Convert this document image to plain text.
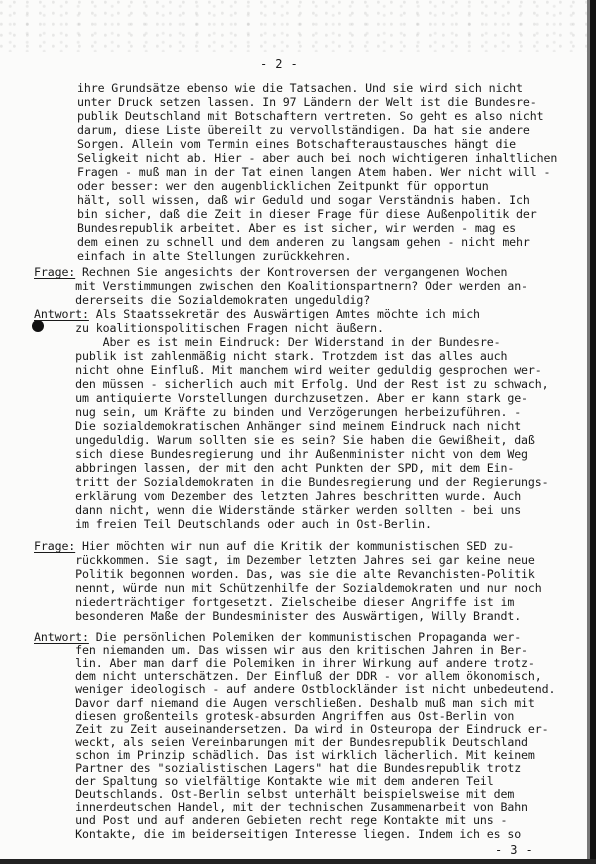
- 2 -
ihre Grundsätze ebenso wie die Tatsachen. Und sie wird sich nicht
unter Druck setzen lassen. In 97 Ländern der Welt ist die Bundesre-
publik Deutschland mit Botschaftern vertreten. So geht es also nicht
darum, diese Liste übereilt zu vervollständigen. Da hat sie andere
Sorgen. Allein vom Termin eines Botschafteraustausches hängt die
Seligkeit nicht ab. Hier - aber auch bei noch wichtigeren inhaltlichen
Fragen - muß man in der Tat einen langen Atem haben. Wer nicht will -
oder besser: wer den augenblicklichen Zeitpunkt für opportun
hält, soll wissen, daß wir Geduld und sogar Verständnis haben. Ich
bin sicher, daß die Zeit in dieser Frage für diese Außenpolitik der
Bundesrepublik arbeitet. Aber es ist sicher, wir werden - mag es
dem einen zu schnell und dem anderen zu langsam gehen - nicht mehr
einfach in alte Stellungen zurückkehren.
Frage: Rechnen Sie angesichts der Kontroversen der vergangenen Wochen
mit Verstimmungen zwischen den Koalitionspartnern? Oder werden an-
dererseits die Sozialdemokraten ungeduldig?
Antwort: Als Staatssekretär des Auswärtigen Amtes möchte ich mich
zu koalitionspolitischen Fragen nicht äußern.
Aber es ist mein Eindruck: Der Widerstand in der Bundesre-
publik ist zahlenmäßig nicht stark. Trotzdem ist das alles auch
nicht ohne Einfluß. Mit manchem wird weiter geduldig gesprochen wer-
den müssen - sicherlich auch mit Erfolg. Und der Rest ist zu schwach,
um antiquierte Vorstellungen durchzusetzen. Aber er kann stark ge-
nug sein, um Kräfte zu binden und Verzögerungen herbeizuführen. -
Die sozialdemokratischen Anhänger sind meinem Eindruck nach nicht
ungeduldig. Warum sollten sie es sein? Sie haben die Gewißheit, daß
sich diese Bundesregierung und ihr Außenminister nicht von dem Weg
abbringen lassen, der mit den acht Punkten der SPD, mit dem Ein-
tritt der Sozialdemokraten in die Bundesregierung und der Regierungs-
erklärung vom Dezember des letzten Jahres beschritten wurde. Auch
dann nicht, wenn die Widerstände stärker werden sollten - bei uns
im freien Teil Deutschlands oder auch in Ost-Berlin.
Frage: Hier möchten wir nun auf die Kritik der kommunistischen SED zu-
rückkommen. Sie sagt, im Dezember letzten Jahres sei gar keine neue
Politik begonnen worden. Das, was sie die alte Revanchisten-Politik
nennt, würde nun mit Schützenhilfe der Sozialdemokraten und nur noch
niederträchtiger fortgesetzt. Zielscheibe dieser Angriffe ist im
besonderen Maße der Bundesminister des Auswärtigen, Willy Brandt.
Antwort: Die persönlichen Polemiken der kommunistischen Propaganda wer-
fen niemanden um. Das wissen wir aus den kritischen Jahren in Ber-
lin. Aber man darf die Polemiken in ihrer Wirkung auf andere trotz-
dem nicht unterschätzen. Der Einfluß der DDR - vor allem ökonomisch,
weniger ideologisch - auf andere Ostblockländer ist nicht unbedeutend.
Davor darf niemand die Augen verschließen. Deshalb muß man sich mit
diesen großenteils grotesk-absurden Angriffen aus Ost-Berlin von
Zeit zu Zeit auseinandersetzen. Da wird in Osteuropa der Eindruck er-
weckt, als seien Vereinbarungen mit der Bundesrepublik Deutschland
schon im Prinzip schädlich. Das ist wirklich lächerlich. Mit keinem
Partner des "sozialistischen Lagers" hat die Bundesrepublik trotz
der Spaltung so vielfältige Kontakte wie mit dem anderen Teil
Deutschlands. Ost-Berlin selbst unterhält beispielsweise mit dem
innerdeutschen Handel, mit der technischen Zusammenarbeit von Bahn
und Post und auf anderen Gebieten recht rege Kontakte mit uns -
Kontakte, die im beiderseitigen Interesse liegen. Indem ich es so
- 3 -
